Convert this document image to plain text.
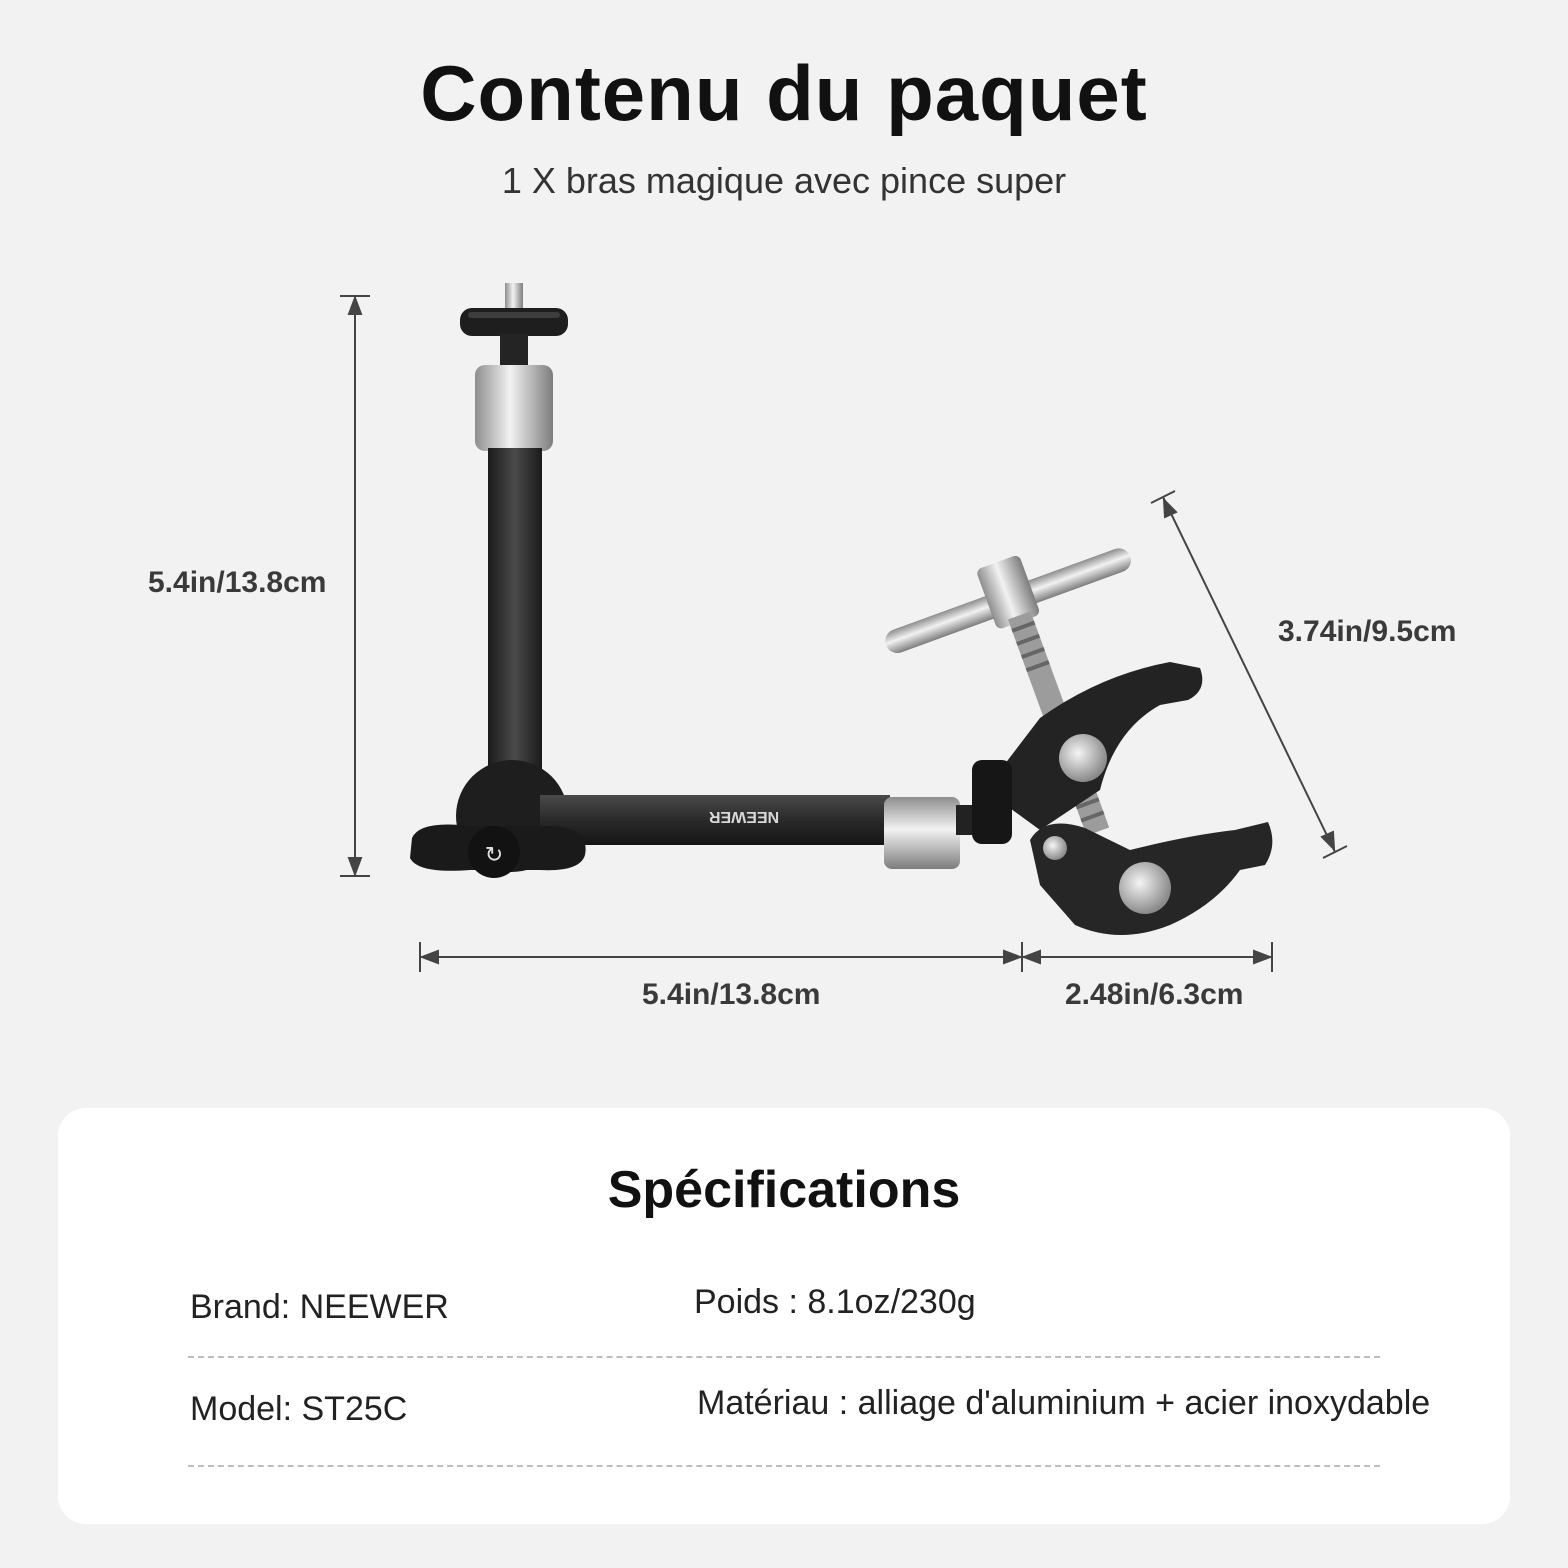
Contenu du paquet
1 X bras magique avec pince super
NEEWER
↻
5.4in/13.8cm
3.74in/9.5cm
5.4in/13.8cm	2.48in/6.3cm
Spécifications
Brand: NEEWER	Poids : 8.1oz/230g
Model: ST25C	Matériau : alliage d'aluminium + acier inoxydable
